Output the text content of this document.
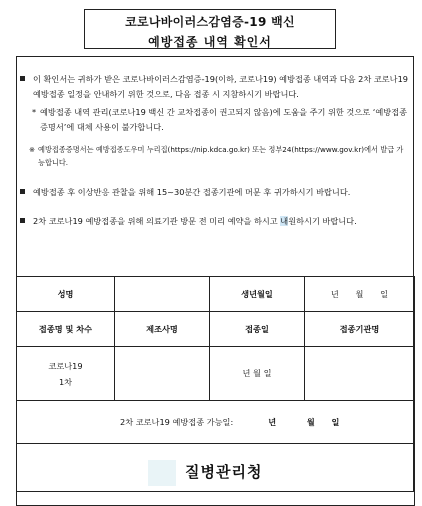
코로나바이러스감염증-19 백신
예방접종 내역 확인서
이 확인서는 귀하가 받은 코로나바이러스감염증-19(이하, 코로나19) 예방접종 내역과 다음 2차 코로나19 예방접종 일정을 안내하기 위한 것으로, 다음 접종 시 지참하시기 바랍니다.
* 예방접종 내역 관리(코로나19 백신 간 교차접종이 권고되지 않음)에 도움을 주기 위한 것으로 ‘예방접종증명서’에 대체 사용이 불가합니다.
※ 예방접종증명서는 예방접종도우미 누리집(https://nip.kdca.go.kr) 또는 정부24(https://www.gov.kr)에서 발급 가능합니다.
예방접종 후 이상반응 관찰을 위해 15~30분간 접종기관에 머문 후 귀가하시기 바랍니다.
2차 코로나19 예방접종을 위해 의료기관 방문 전 미리 예약을 하시고 내원하시기 바랍니다.
성명		생년월일	년 월 일
접종명 및 차수	제조사명	접종일	접종기관명

코로나19
1차		년 월 일	
2차 코로나19 예방접종 가능일: 년 월 일			

질병관리청			
